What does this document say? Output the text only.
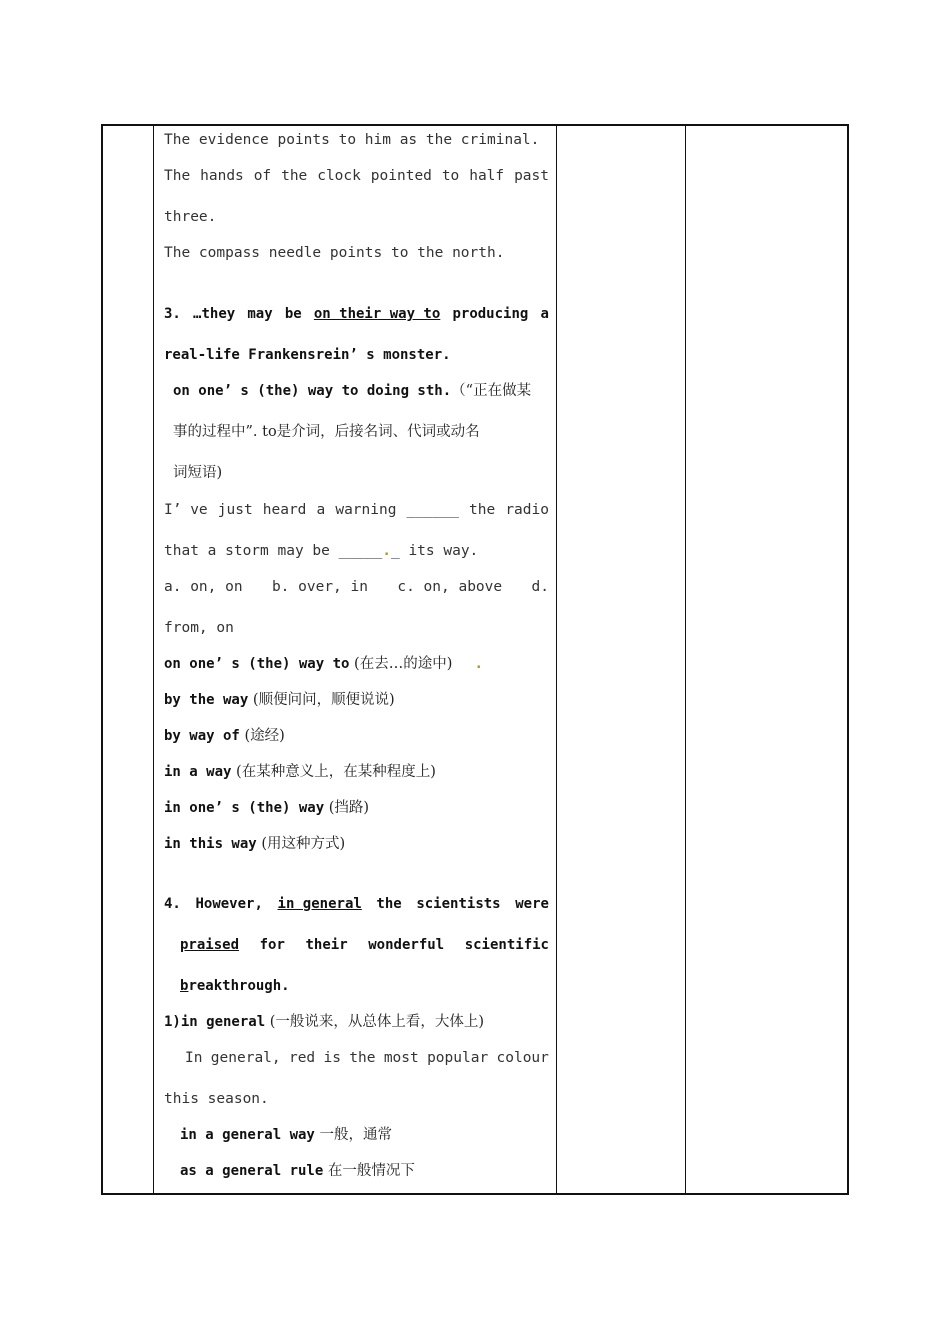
The evidence points to him as the criminal.
The hands of the clock pointed to half past
three.
The compass needle points to the north.
3. …they may be on their way to producing a
real-life Frankensrein’ s monster.
on one’ s (the) way to doing sth.（“正在做某
事的过程中”. to是介词，后接名词、代词或动名
词短语)
I’ ve just heard a warning ______ the radio
that a storm may be _____._ its way.
a. on, on b. over, in c. on, above d.
from, on
on one’ s (the) way to (在去…的途中) .
by the way (顺便问问，顺便说说)
by way of (途经)
in a way (在某种意义上，在某种程度上)
in one’ s (the) way (挡路)
in this way (用这种方式)
4. However, in general the scientists were
praised for their wonderful scientific
breakthrough.
1)in general (一般说来，从总体上看，大体上)
In general, red is the most popular colour
this season.
in a general way 一般，通常
as a general rule 在一般情况下
